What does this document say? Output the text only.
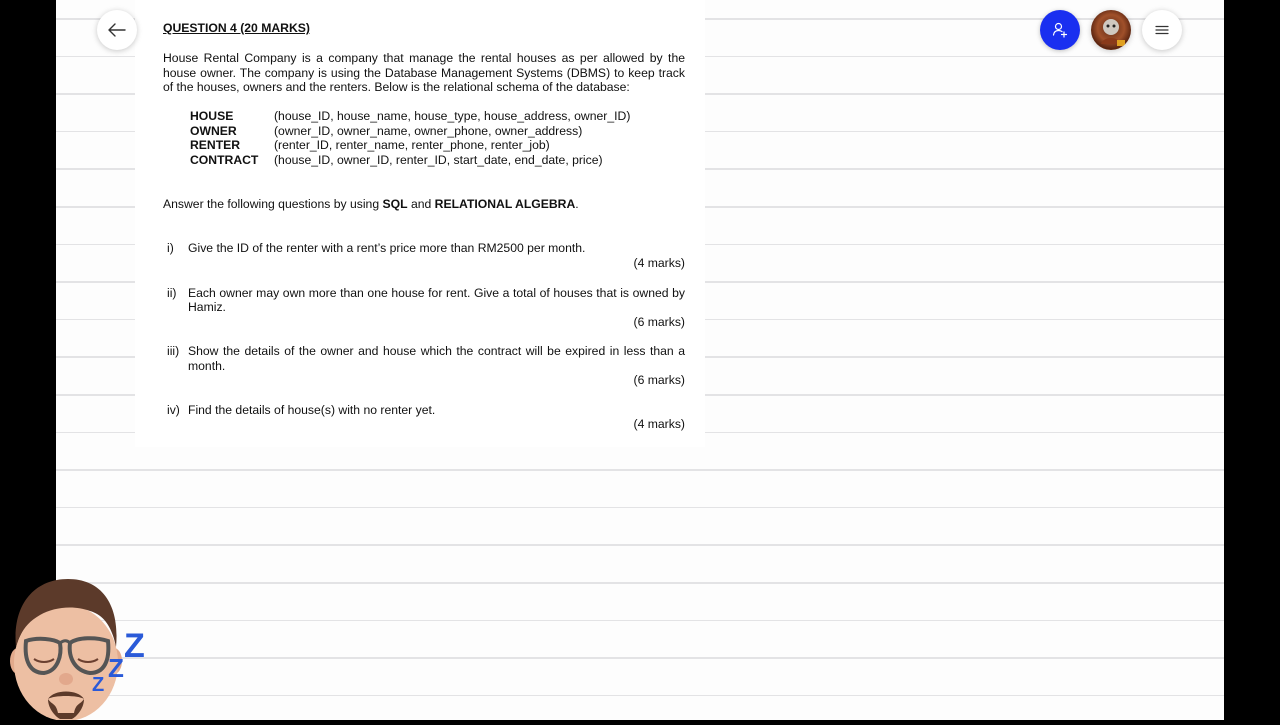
QUESTION 4 (20 MARKS)
House Rental Company is a company that manage the rental houses as per allowed by the house owner. The company is using the Database Management Systems (DBMS) to keep track of the houses, owners and the renters. Below is the relational schema of the database:
HOUSE	(house_ID, house_name, house_type, house_address, owner_ID)
OWNER	(owner_ID, owner_name, owner_phone, owner_address)
RENTER	(renter_ID, renter_name, renter_phone, renter_job)
CONTRACT	(house_ID, owner_ID, renter_ID, start_date, end_date, price)
Answer the following questions by using SQL and RELATIONAL ALGEBRA.
i) Give the ID of the renter with a rent’s price more than RM2500 per month.
(4 marks)
ii) Each owner may own more than one house for rent. Give a total of houses that is owned by Hamiz.
(6 marks)
iii) Show the details of the owner and house which the contract will be expired in less than a month.
(6 marks)
iv) Find the details of house(s) with no renter yet.
(4 marks)
Z
Z
Z
